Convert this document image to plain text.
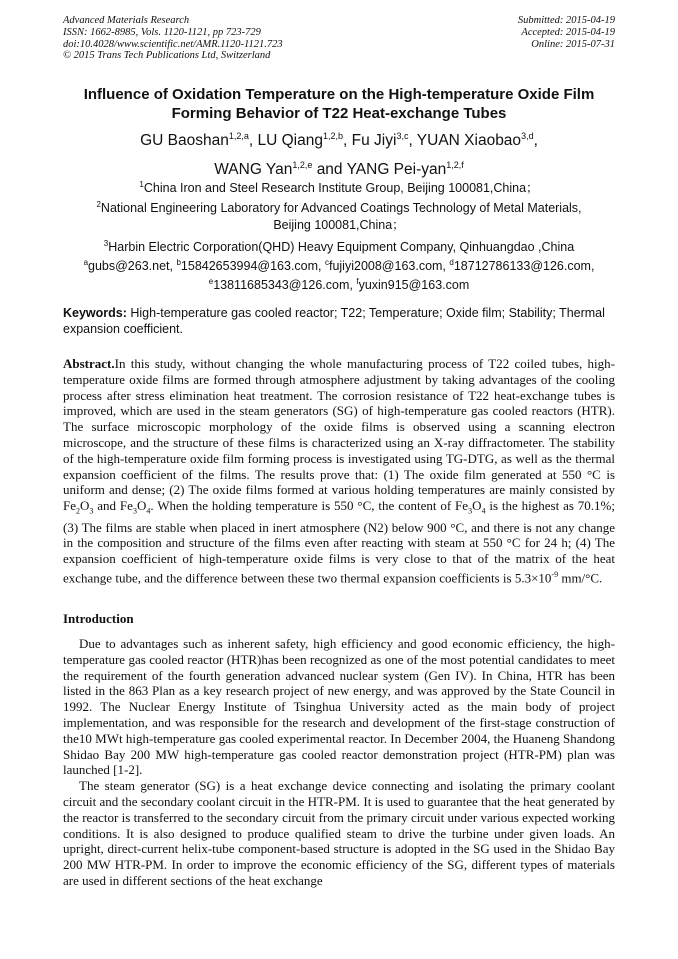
Advanced Materials Research
ISSN: 1662-8985, Vols. 1120-1121, pp 723-729
doi:10.4028/www.scientific.net/AMR.1120-1121.723
© 2015 Trans Tech Publications Ltd, Switzerland
Submitted: 2015-04-19
Accepted: 2015-04-19
Online: 2015-07-31
Influence of Oxidation Temperature on the High-temperature Oxide Film
Forming Behavior of T22 Heat-exchange Tubes
GU Baoshan$^{1,2,a}$, LU Qiang$^{1,2,b}$, Fu Jiyi$^{3,c}$, YUAN Xiaobao$^{3,d}$,
WANG Yan$^{1,2,e}$ and YANG Pei-yan$^{1,2,f}$
$^1$China Iron and Steel Research Institute Group, Beijing 100081,China；
$^2$National Engineering Laboratory for Advanced Coatings Technology of Metal Materials,
Beijing 100081,China；
$^3$Harbin Electric Corporation(QHD) Heavy Equipment Company, Qinhuangdao ,China
$^a$gubs@263.net, $^b$15842653994@163.com, $^c$fujiyi2008@163.com, $^d$18712786133@126.com,
$^e$13811685343@126.com, $^f$yuxin915@163.com
Keywords: High-temperature gas cooled reactor; T22; Temperature; Oxide film; Stability; Thermal expansion coefficient.
Abstract.In this study, without changing the whole manufacturing process of T22 coiled tubes, high-temperature oxide films are formed through atmosphere adjustment by taking advantages of the cooling process after stress elimination heat treatment. The corrosion resistance of T22 heat-exchange tubes is improved, which are used in the steam generators (SG) of high-temperature gas cooled reactors (HTR). The surface microscopic morphology of the oxide films is observed using a scanning electron microscope, and the structure of these films is characterized using an X-ray diffractometer. The stability of the high-temperature oxide film forming process is investigated using TG-DTG, as well as the thermal expansion coefficient of the films. The results prove that: (1) The oxide film generated at 550 °C is uniform and dense; (2) The oxide films formed at various holding temperatures are mainly consisted by $Fe_2O_3$ and $Fe_3O_4$. When the holding temperature is 550 °C, the content of $Fe_3O_4$ is the highest as 70.1%; (3) The films are stable when placed in inert atmosphere (N2) below 900 °C, and there is not any change in the composition and structure of the films even after reacting with steam at 550 °C for 24 h; (4) The expansion coefficient of high-temperature oxide films is very close to that of the matrix of the heat exchange tube, and the difference between these two thermal expansion coefficients is $5.3\times 10^{-9}$ mm/°C.
Introduction

Due to advantages such as inherent safety, high efficiency and good economic efficiency, the high-temperature gas cooled reactor (HTR)has been recognized as one of the most potential candidates to meet the requirement of the fourth generation advanced nuclear system (Gen IV). In China, HTR has been listed in the 863 Plan as a key research project of new energy, and was approved by the State Council in 1992. The Nuclear Energy Institute of Tsinghua University acted as the main body of project implementation, and was responsible for the research and development of the first-stage construction of the10 MWt high-temperature gas cooled experimental reactor. In December 2004, the Huaneng Shandong Shidao Bay 200 MW high-temperature gas cooled reactor demonstration project (HTR-PM) plan was launched [1-2].

The steam generator (SG) is a heat exchange device connecting and isolating the primary coolant circuit and the secondary coolant circuit in the HTR-PM. It is used to guarantee that the heat generated by the reactor is transferred to the secondary circuit from the primary circuit under various expected working conditions. It is also designed to produce qualified steam to drive the turbine under given loads. An upright, direct-current helix-tube component-based structure is adopted in the SG used in the Shidao Bay 200 MW HTR-PM. In order to improve the economic efficiency of the SG, different types of materials are used in different sections of the heat exchange
